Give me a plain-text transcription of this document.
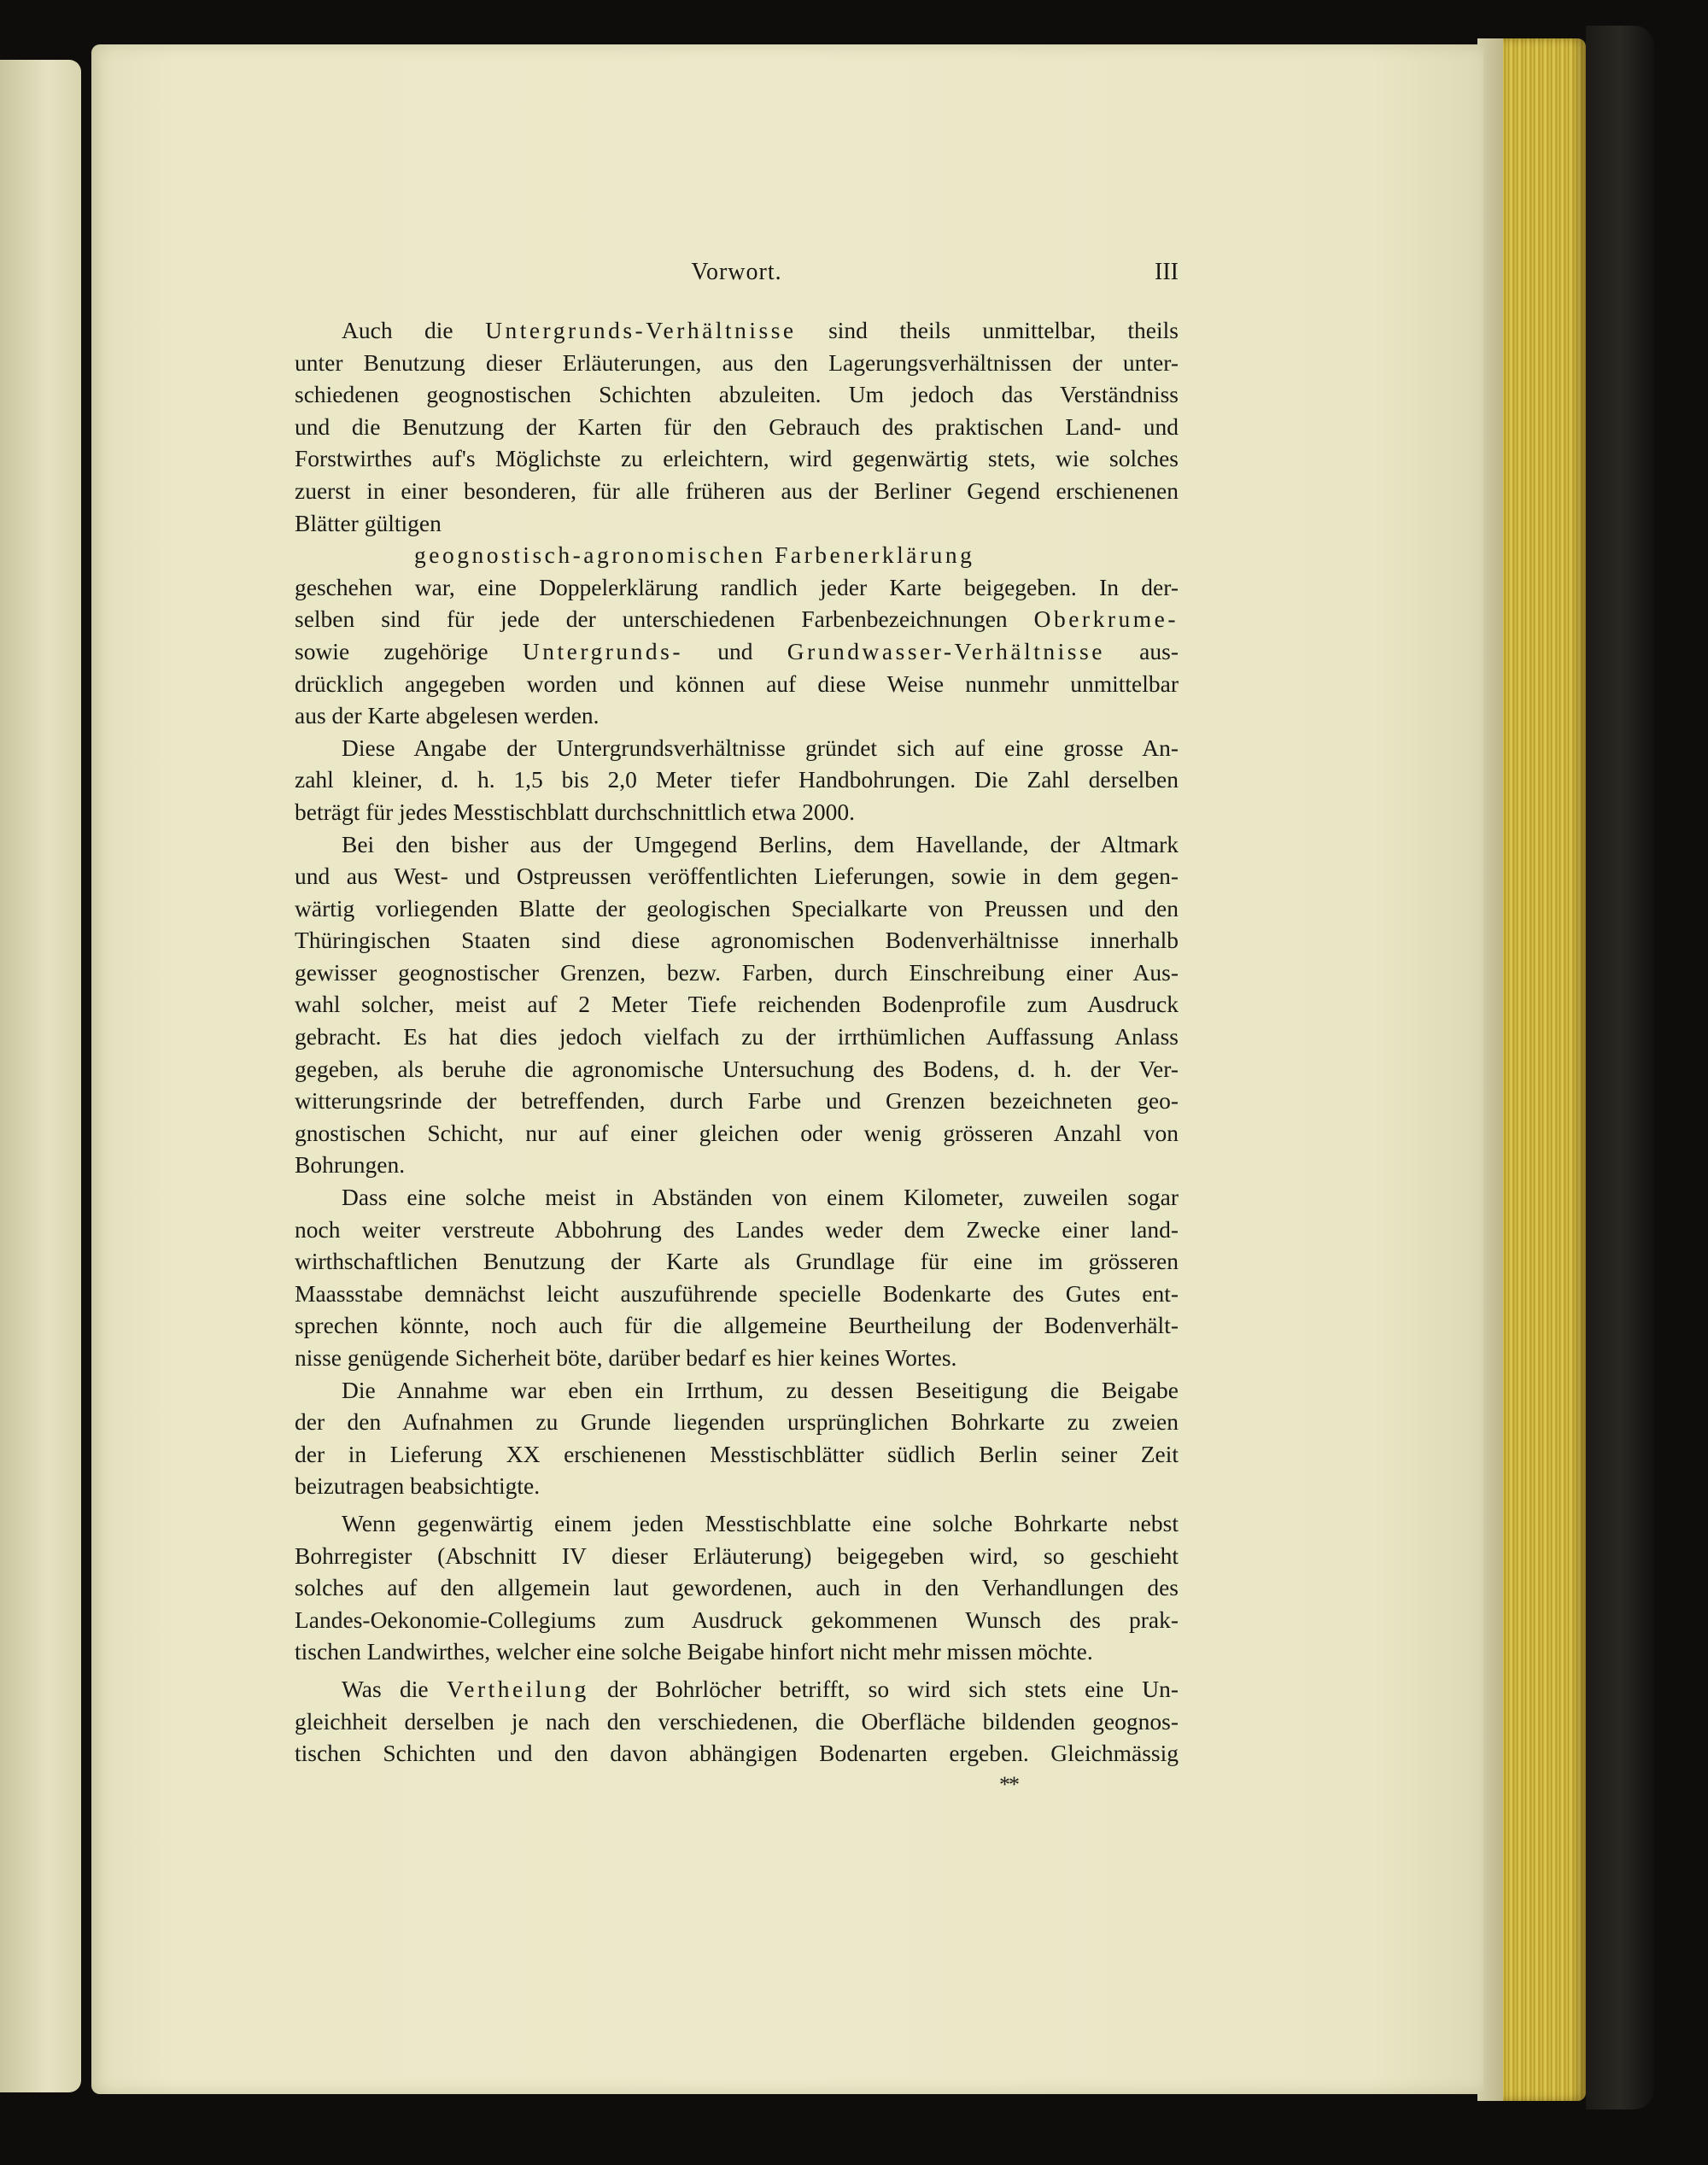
Vorwort.	III
Auch die Untergrunds-Verhältnisse sind theils unmittelbar, theils
unter Benutzung dieser Erläuterungen, aus den Lagerungsverhältnissen der unter-
schiedenen geognostischen Schichten abzuleiten. Um jedoch das Verständniss
und die Benutzung der Karten für den Gebrauch des praktischen Land- und
Forstwirthes auf's Möglichste zu erleichtern, wird gegenwärtig stets, wie solches
zuerst in einer besonderen, für alle früheren aus der Berliner Gegend erschienenen
Blätter gültigen
geognostisch-agronomischen Farbenerklärung
geschehen war, eine Doppelerklärung randlich jeder Karte beigegeben. In der-
selben sind für jede der unterschiedenen Farbenbezeichnungen Oberkrume-
sowie zugehörige Untergrunds- und Grundwasser-Verhältnisse aus-
drücklich angegeben worden und können auf diese Weise nunmehr unmittelbar
aus der Karte abgelesen werden.
Diese Angabe der Untergrundsverhältnisse gründet sich auf eine grosse An-
zahl kleiner, d. h. 1,5 bis 2,0 Meter tiefer Handbohrungen. Die Zahl derselben
beträgt für jedes Messtischblatt durchschnittlich etwa 2000.
Bei den bisher aus der Umgegend Berlins, dem Havellande, der Altmark
und aus West- und Ostpreussen veröffentlichten Lieferungen, sowie in dem gegen-
wärtig vorliegenden Blatte der geologischen Specialkarte von Preussen und den
Thüringischen Staaten sind diese agronomischen Bodenverhältnisse innerhalb
gewisser geognostischer Grenzen, bezw. Farben, durch Einschreibung einer Aus-
wahl solcher, meist auf 2 Meter Tiefe reichenden Bodenprofile zum Ausdruck
gebracht. Es hat dies jedoch vielfach zu der irrthümlichen Auffassung Anlass
gegeben, als beruhe die agronomische Untersuchung des Bodens, d. h. der Ver-
witterungsrinde der betreffenden, durch Farbe und Grenzen bezeichneten geo-
gnostischen Schicht, nur auf einer gleichen oder wenig grösseren Anzahl von
Bohrungen.
Dass eine solche meist in Abständen von einem Kilometer, zuweilen sogar
noch weiter verstreute Abbohrung des Landes weder dem Zwecke einer land-
wirthschaftlichen Benutzung der Karte als Grundlage für eine im grösseren
Maassstabe demnächst leicht auszuführende specielle Bodenkarte des Gutes ent-
sprechen könnte, noch auch für die allgemeine Beurtheilung der Bodenverhält-
nisse genügende Sicherheit böte, darüber bedarf es hier keines Wortes.
Die Annahme war eben ein Irrthum, zu dessen Beseitigung die Beigabe
der den Aufnahmen zu Grunde liegenden ursprünglichen Bohrkarte zu zweien
der in Lieferung XX erschienenen Messtischblätter südlich Berlin seiner Zeit
beizutragen beabsichtigte.
Wenn gegenwärtig einem jeden Messtischblatte eine solche Bohrkarte nebst
Bohrregister (Abschnitt IV dieser Erläuterung) beigegeben wird, so geschieht
solches auf den allgemein laut gewordenen, auch in den Verhandlungen des
Landes-Oekonomie-Collegiums zum Ausdruck gekommenen Wunsch des prak-
tischen Landwirthes, welcher eine solche Beigabe hinfort nicht mehr missen möchte.
Was die Vertheilung der Bohrlöcher betrifft, so wird sich stets eine Un-
gleichheit derselben je nach den verschiedenen, die Oberfläche bildenden geognos-
tischen Schichten und den davon abhängigen Bodenarten ergeben. Gleichmässig
**
